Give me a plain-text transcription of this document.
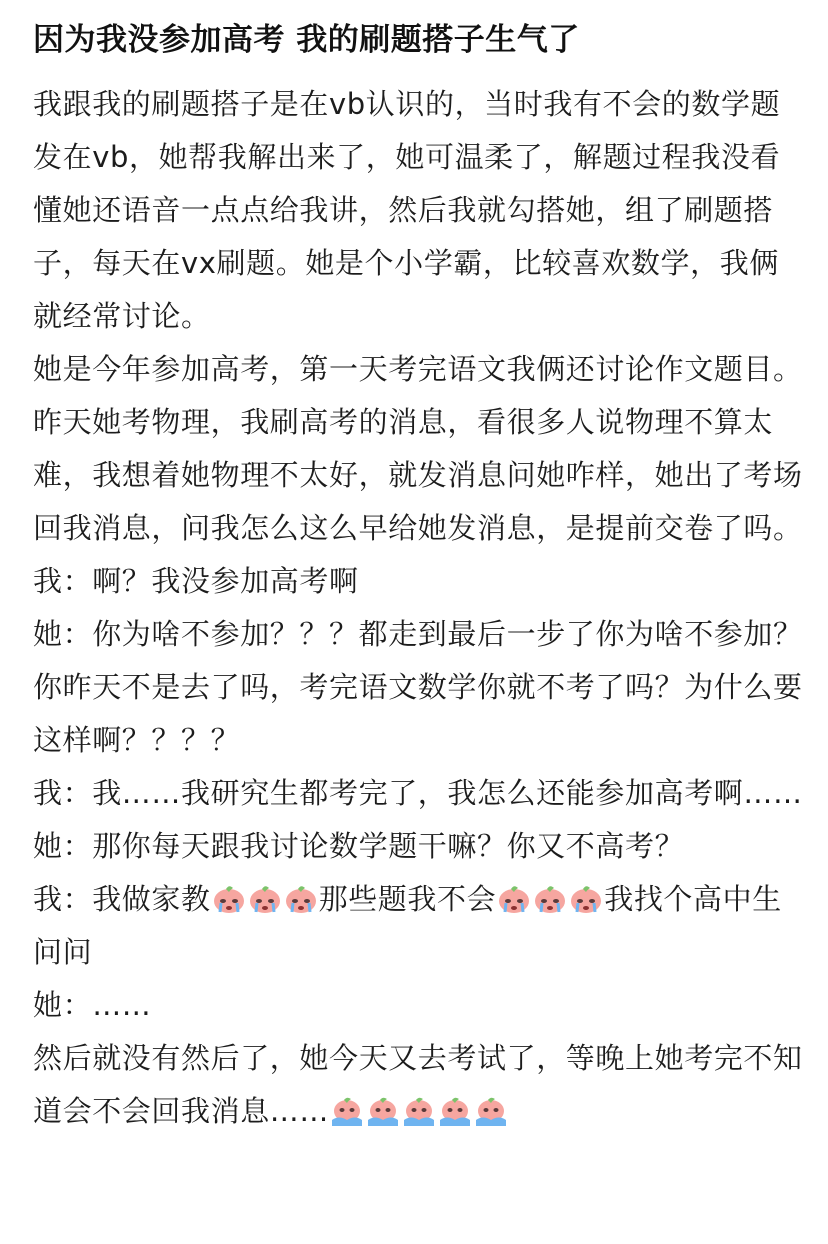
因为我没参加高考 我的刷题搭子生气了

我跟我的刷题搭子是在vb认识的，当时我有不会的数学题发在vb，她帮我解出来了，她可温柔了，解题过程我没看懂她还语音一点点给我讲，然后我就勾搭她，组了刷题搭子，每天在vx刷题。她是个小学霸，比较喜欢数学，我俩就经常讨论。

她是今年参加高考，第一天考完语文我俩还讨论作文题目。昨天她考物理，我刷高考的消息，看很多人说物理不算太难，我想着她物理不太好，就发消息问她咋样，她出了考场回我消息，问我怎么这么早给她发消息，是提前交卷了吗。

我：啊？我没参加高考啊

她：你为啥不参加？？？都走到最后一步了你为啥不参加？你昨天不是去了吗，考完语文数学你就不考了吗？为什么要这样啊？？？？

我：我……我研究生都考完了，我怎么还能参加高考啊……

她：那你每天跟我讨论数学题干嘛？你又不高考？

我：我做家教	那些题我不会	我找个高中生问问

她：……

然后就没有然后了，她今天又去考试了，等晚上她考完不知道会不会回我消息……
